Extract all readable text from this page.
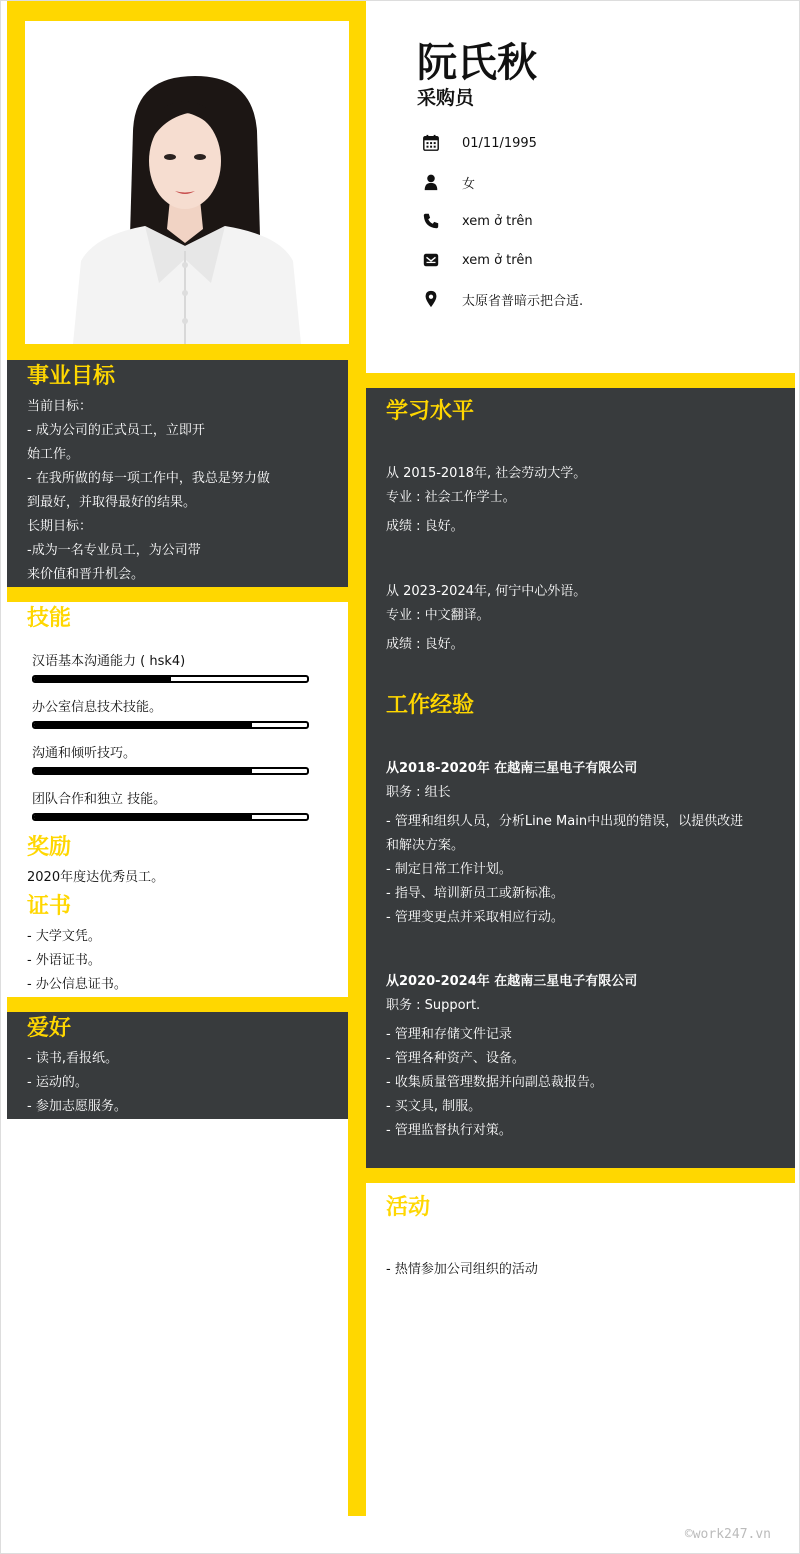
阮氏秋
采购员
01/11/1995
女
xem ở trên
xem ở trên
太原省普暗示把合适.
事业目标
当前目标：
- 成为公司的正式员工，立即开
始工作。
- 在我所做的每一项工作中，我总是努力做
到最好，并取得最好的结果。
长期目标：
-成为一名专业员工，为公司带
来价值和晋升机会。
技能
汉语基本沟通能力 ( hsk4)
办公室信息技术技能。
沟通和倾听技巧。
团队合作和独立 技能。
奖励
2020年度达优秀员工。
证书
- 大学文凭。
- 外语证书。
- 办公信息证书。
爱好
- 读书,看报纸。
- 运动的。
- 参加志愿服务。
学习水平
从 2015-2018年, 社会劳动大学。
专业 : 社会工作学士。
成绩 : 良好。
从 2023-2024年, 何宁中心外语。
专业 : 中文翻译。
成绩 : 良好。
工作经验
从2018-2020年 在越南三星电子有限公司
职务 : 组长
- 管理和组织人员，分析Line Main中出现的错误，以提供改进
和解决方案。
- 制定日常工作计划。
- 指导、培训新员工或新标准。
- 管理变更点并采取相应行动。
从2020-2024年 在越南三星电子有限公司
职务 : Support.
- 管理和存储文件记录
- 管理各种资产、设备。
- 收集质量管理数据并向副总裁报告。
- 买文具, 制服。
- 管理监督执行对策。
活动
- 热情参加公司组织的活动
©work247.vn
